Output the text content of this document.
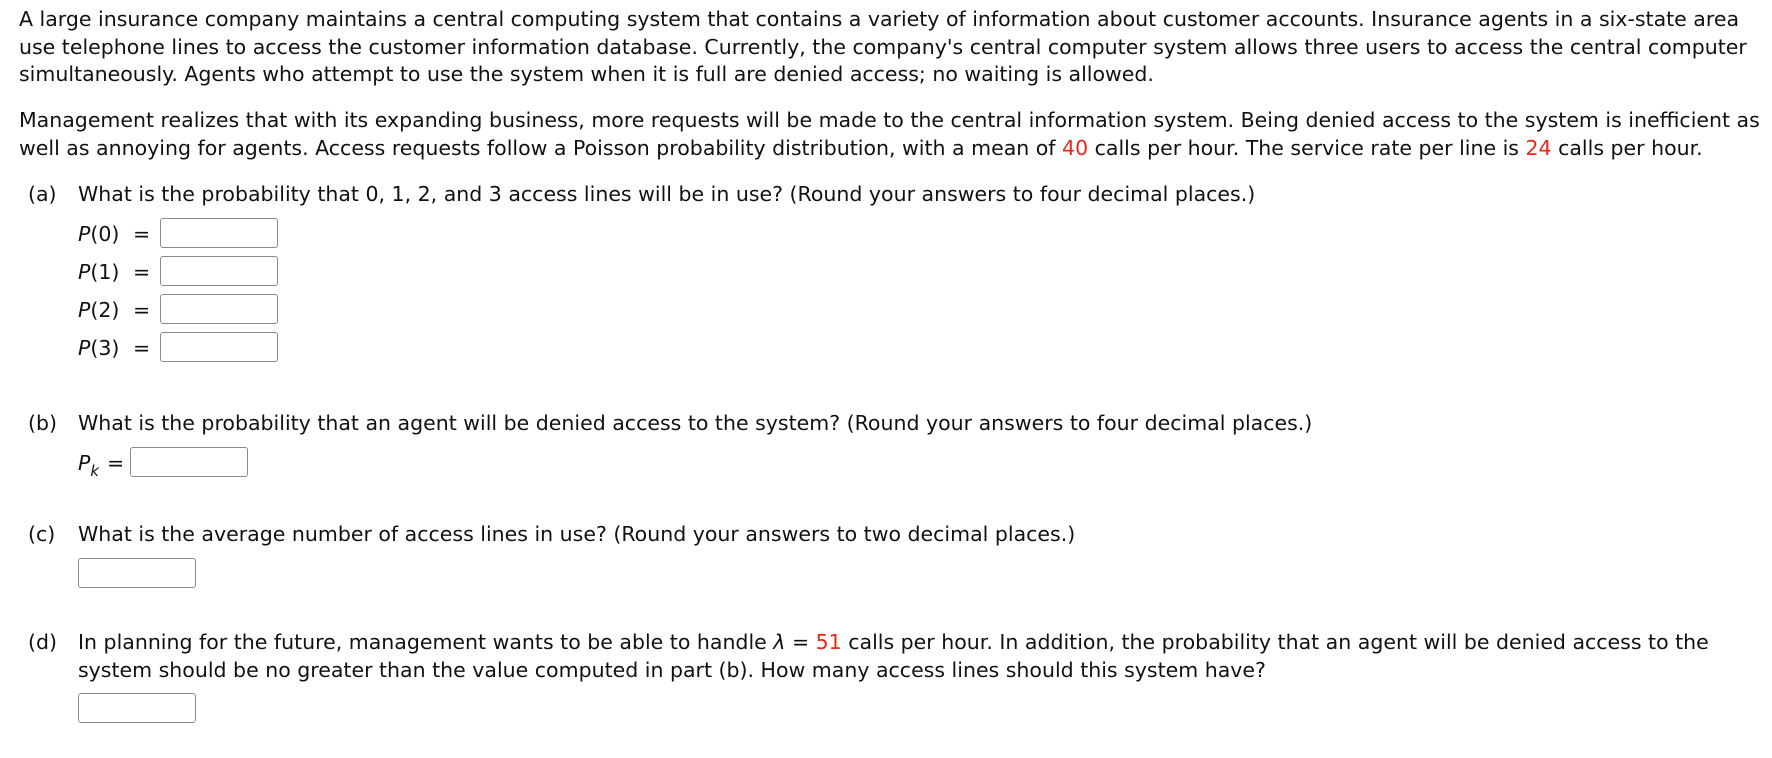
A large insurance company maintains a central computing system that contains a variety of information about customer accounts. Insurance agents in a six-state area use telephone lines to access the customer information database. Currently, the company's central computer system allows three users to access the central computer simultaneously. Agents who attempt to use the system when it is full are denied access; no waiting is allowed.

Management realizes that with its expanding business, more requests will be made to the central information system. Being denied access to the system is inefficient as well as annoying for agents. Access requests follow a Poisson probability distribution, with a mean of 40 calls per hour. The service rate per line is 24 calls per hour.

(a) What is the probability that 0, 1, 2, and 3 access lines will be in use? (Round your answers to four decimal places.)
P(0) =
P(1) =
P(2) =
P(3) =
(b) What is the probability that an agent will be denied access to the system? (Round your answers to four decimal places.)
$P_k$ =
(c) What is the average number of access lines in use? (Round your answers to two decimal places.)
(d) In planning for the future, management wants to be able to handle λ = 51 calls per hour. In addition, the probability that an agent will be denied access to the system should be no greater than the value computed in part (b). How many access lines should this system have?
